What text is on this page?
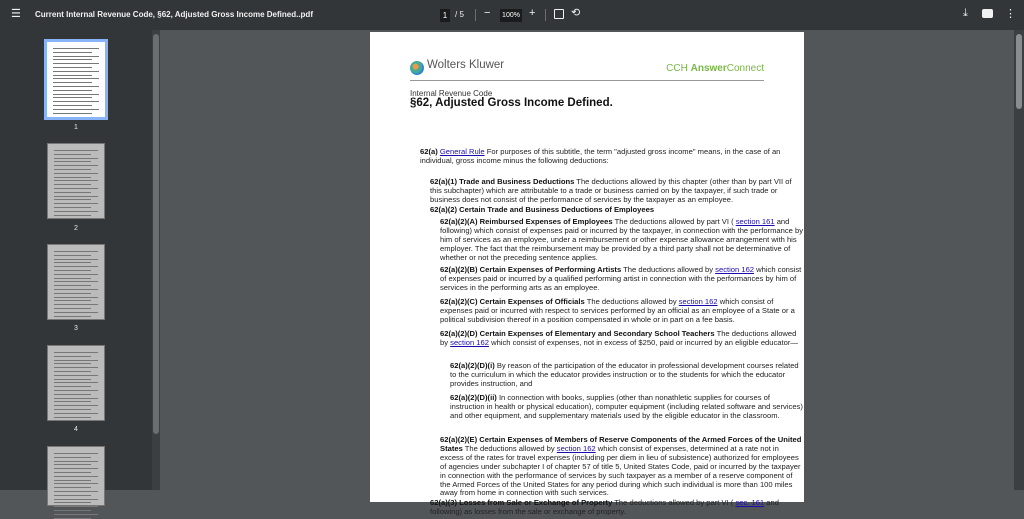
☰ Current Internal Revenue Code, §62, Adjusted Gross Income Defined..pdf	1 / 5 − 100% +	⟲	⤓	⋮
1
2
3
4
Wolters Kluwer	CCH AnswerConnect
Internal Revenue Code
§62, Adjusted Gross Income Defined.

62(a) General Rule For purposes of this subtitle, the term "adjusted gross income" means, in the case of an individual, gross income minus the following deductions:

62(a)(1) Trade and Business Deductions The deductions allowed by this chapter (other than by part VII of this subchapter) which are attributable to a trade or business carried on by the taxpayer, if such trade or business does not consist of the performance of services by the taxpayer as an employee.

62(a)(2) Certain Trade and Business Deductions of Employees

62(a)(2)(A) Reimbursed Expenses of Employees The deductions allowed by part VI ( section 161 and following) which consist of expenses paid or incurred by the taxpayer, in connection with the performance by him of services as an employee, under a reimbursement or other expense allowance arrangement with his employer. The fact that the reimbursement may be provided by a third party shall not be determinative of whether or not the preceding sentence applies.

62(a)(2)(B) Certain Expenses of Performing Artists The deductions allowed by section 162 which consist of expenses paid or incurred by a qualified performing artist in connection with the performances by him of services in the performing arts as an employee.

62(a)(2)(C) Certain Expenses of Officials The deductions allowed by section 162 which consist of expenses paid or incurred with respect to services performed by an official as an employee of a State or a political subdivision thereof in a position compensated in whole or in part on a fee basis.

62(a)(2)(D) Certain Expenses of Elementary and Secondary School Teachers The deductions allowed by section 162 which consist of expenses, not in excess of $250, paid or incurred by an eligible educator—

62(a)(2)(D)(i) By reason of the participation of the educator in professional development courses related to the curriculum in which the educator provides instruction or to the students for which the educator provides instruction, and

62(a)(2)(D)(ii) In connection with books, supplies (other than nonathletic supplies for courses of instruction in health or physical education), computer equipment (including related software and services) and other equipment, and supplementary materials used by the eligible educator in the classroom.

62(a)(2)(E) Certain Expenses of Members of Reserve Components of the Armed Forces of the United States The deductions allowed by section 162 which consist of expenses, determined at a rate not in excess of the rates for travel expenses (including per diem in lieu of subsistence) authorized for employees of agencies under subchapter I of chapter 57 of title 5, United States Code, paid or incurred by the taxpayer in connection with the performance of services by such taxpayer as a member of a reserve component of the Armed Forces of the United States for any period during which such individual is more than 100 miles away from home in connection with such services.

62(a)(3) Losses from Sale or Exchange of Property The deductions allowed by part VI ( sec. 161 and following) as losses from the sale or exchange of property.
